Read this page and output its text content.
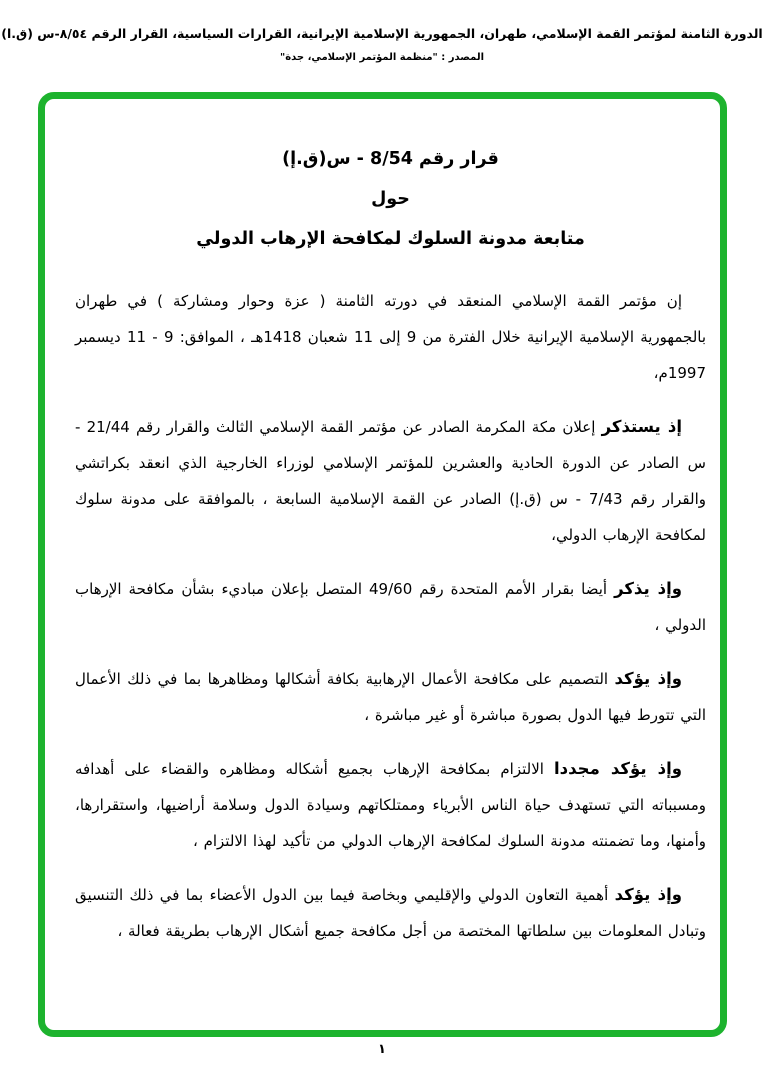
الدورة الثامنة لمؤتمر القمة الإسلامي، طهران، الجمهورية الإسلامية الإيرانية، القرارات السياسية، القرار الرقم ٨/٥٤-س (ق.ا)
المصدر : "منظمة المؤتمر الإسلامي، جدة"
قرار رقم 8/54 - س(ق.إ)
حول
متابعة مدونة السلوك لمكافحة الإرهاب الدولي

إن مؤتمر القمة الإسلامي المنعقد في دورته الثامنة ( عزة وحوار ومشاركة ) في طهران بالجمهورية الإسلامية الإيرانية خلال الفترة من 9 إلى 11 شعبان 1418هـ ، الموافق: 9 - 11 ديسمبر 1997م،

إذ يستذكر إعلان مكة المكرمة الصادر عن مؤتمر القمة الإسلامي الثالث والقرار رقم 21/44 - س الصادر عن الدورة الحادية والعشرين للمؤتمر الإسلامي لوزراء الخارجية الذي انعقد بكراتشي والقرار رقم 7/43 - س (ق.إ) الصادر عن القمة الإسلامية السابعة ، بالموافقة على مدونة سلوك لمكافحة الإرهاب الدولي،

وإذ يذكر أيضا بقرار الأمم المتحدة رقم 49/60 المتصل بإعلان مباديء بشأن مكافحة الإرهاب الدولي ،

وإذ يؤكد التصميم على مكافحة الأعمال الإرهابية بكافة أشكالها ومظاهرها بما في ذلك الأعمال التي تتورط فيها الدول بصورة مباشرة أو غير مباشرة ،

وإذ يؤكد مجددا الالتزام بمكافحة الإرهاب بجميع أشكاله ومظاهره والقضاء على أهدافه ومسبباته التي تستهدف حياة الناس الأبرياء وممتلكاتهم وسيادة الدول وسلامة أراضيها، واستقرارها، وأمنها، وما تضمنته مدونة السلوك لمكافحة الإرهاب الدولي من تأكيد لهذا الالتزام ،

وإذ يؤكد أهمية التعاون الدولي والإقليمي وبخاصة فيما بين الدول الأعضاء بما في ذلك التنسيق وتبادل المعلومات بين سلطاتها المختصة من أجل مكافحة جميع أشكال الإرهاب بطريقة فعالة ،

١
